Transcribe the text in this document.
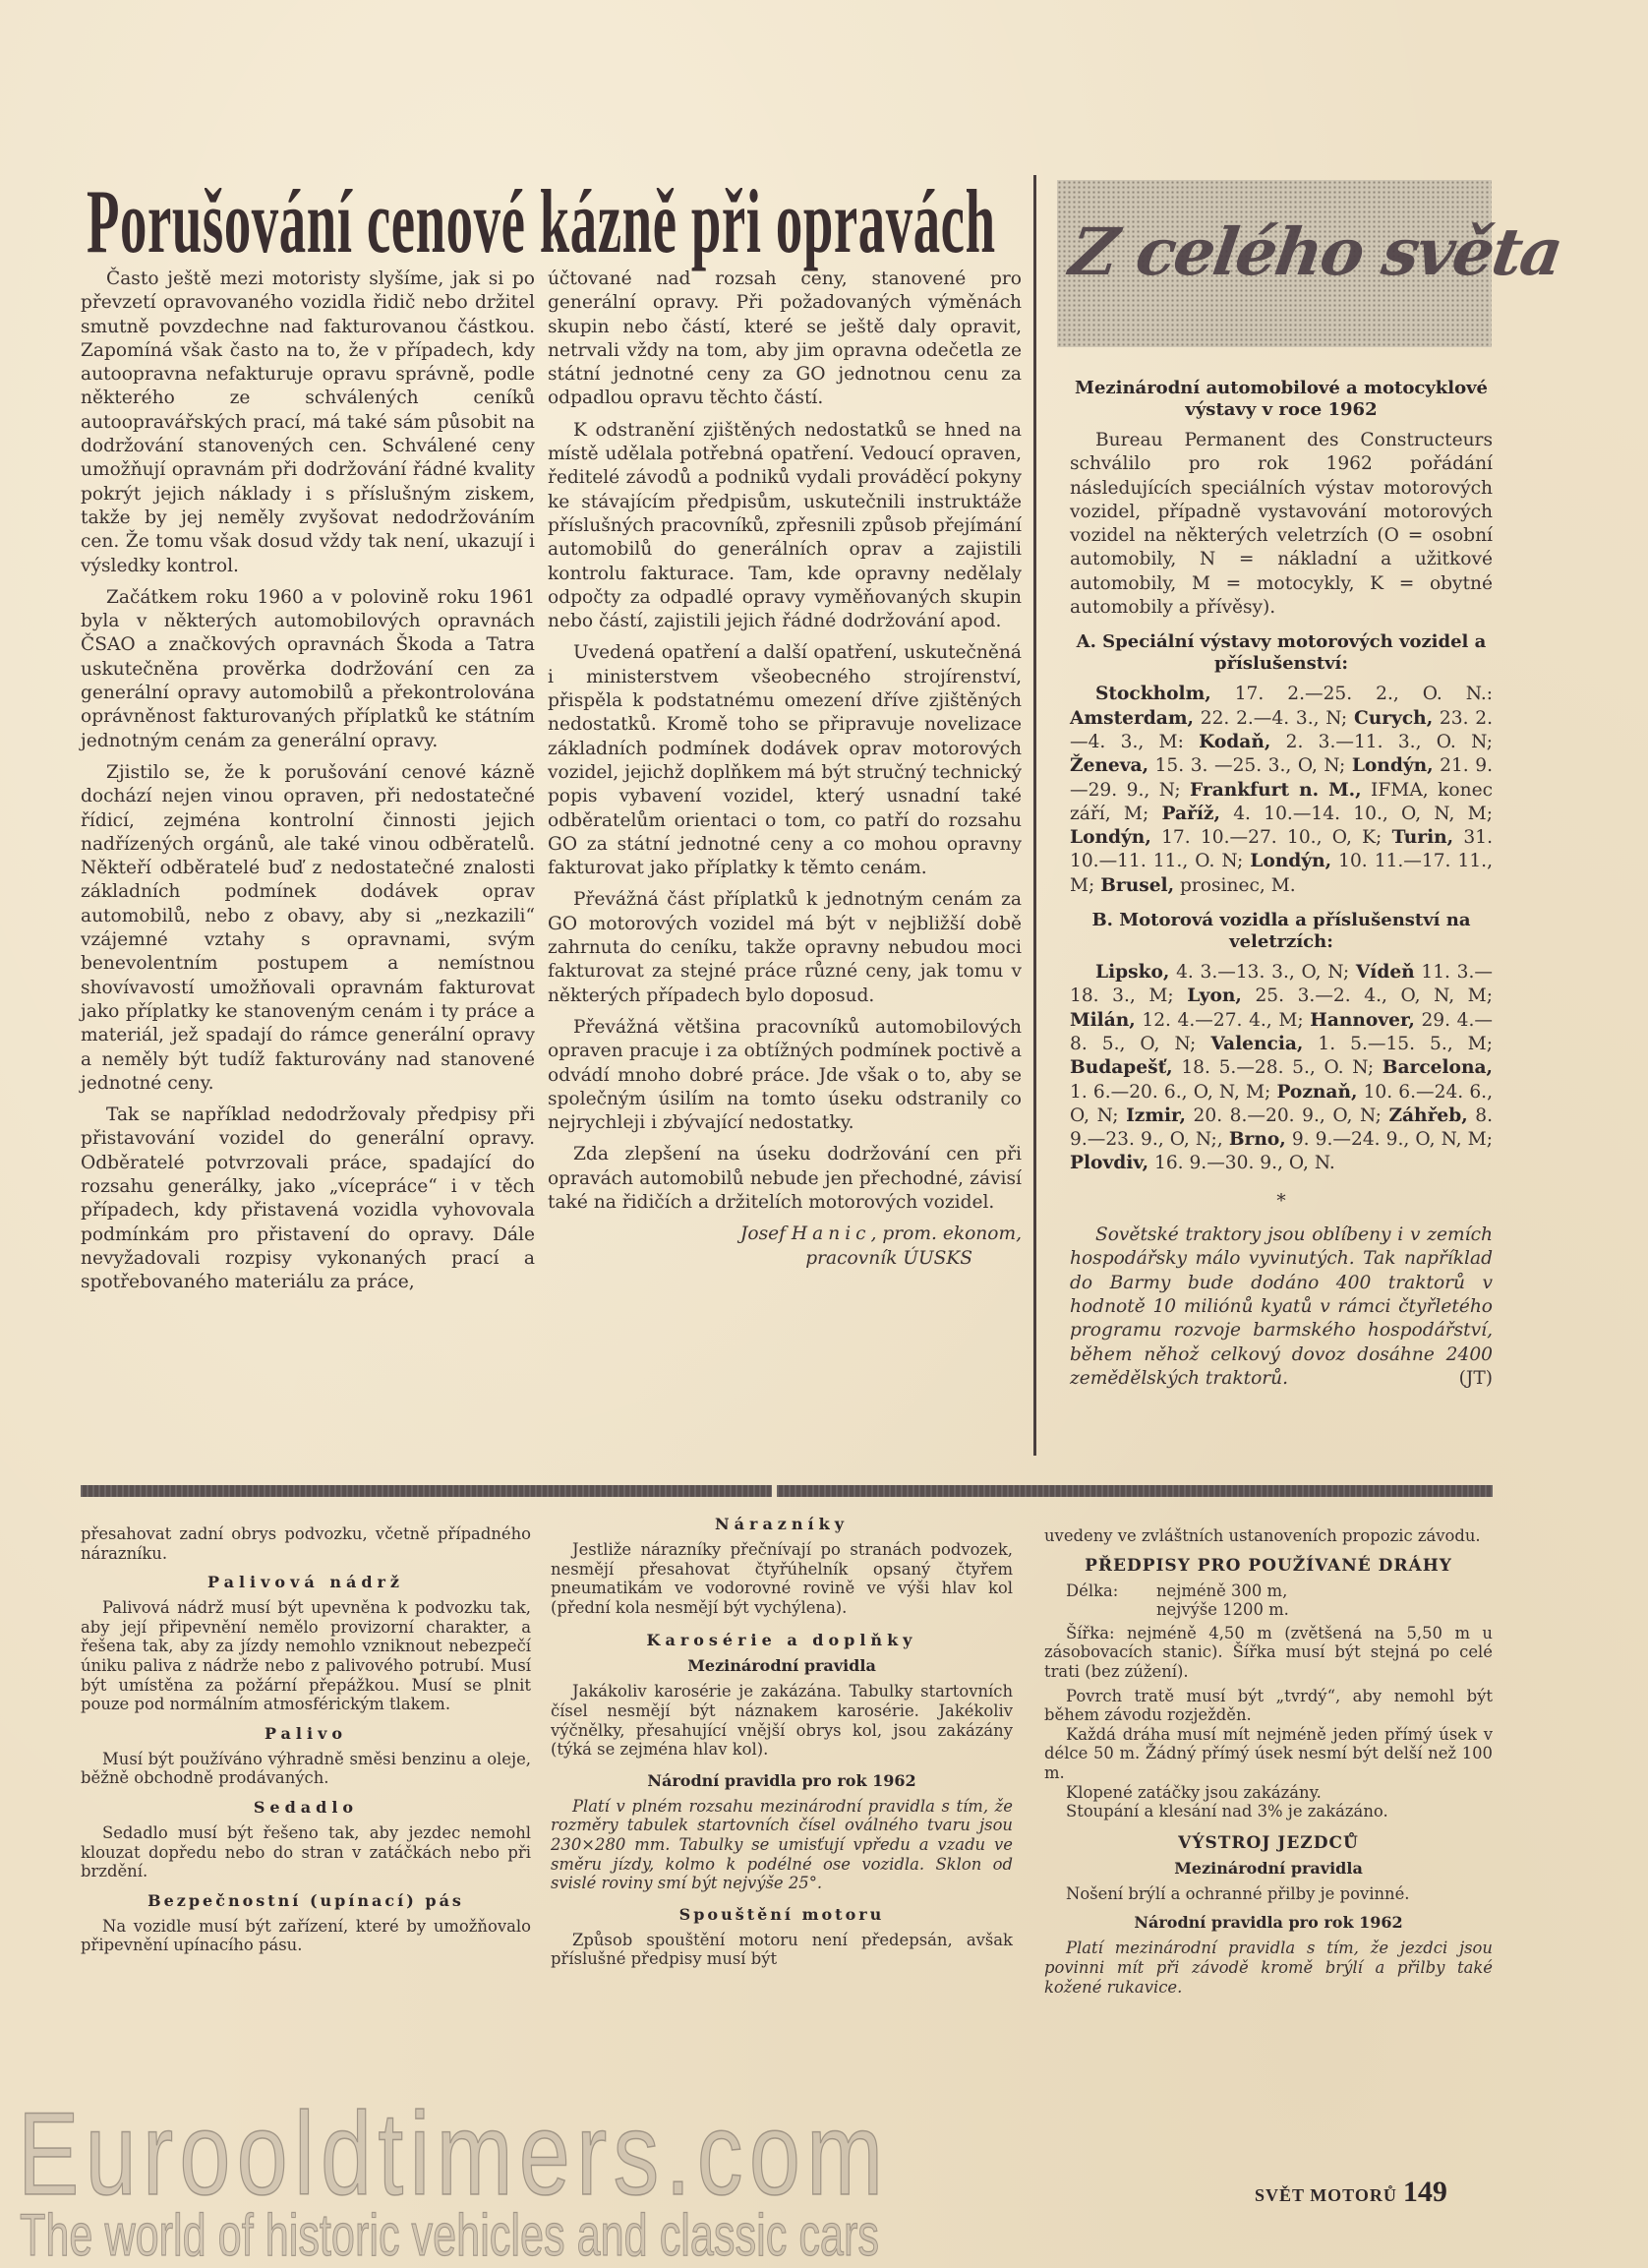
Porušování cenové kázně při opravách

Často ještě mezi motoristy slyšíme, jak si po převzetí opravovaného vozidla řidič nebo držitel smutně povzdechne nad fakturovanou částkou. Zapomíná však často na to, že v případech, kdy autoopravna nefakturuje opravu správně, podle některého ze schválených ceníků autoopravářských prací, má také sám působit na dodržování stanovených cen. Schválené ceny umožňují opravnám při dodržování řádné kvality pokrýt jejich náklady i s příslušným ziskem, takže by jej neměly zvyšovat nedodržováním cen. Že tomu však dosud vždy tak není, ukazují i výsledky kontrol.

Začátkem roku 1960 a v polovině roku 1961 byla v některých automobilových opravnách ČSAO a značkových opravnách Škoda a Tatra uskutečněna prověrka dodržování cen za generální opravy automobilů a překontrolována oprávněnost fakturovaných příplatků ke státním jednotným cenám za generální opravy.

Zjistilo se, že k porušování cenové kázně dochází nejen vinou opraven, při nedostatečné řídicí, zejména kontrolní činnosti jejich nadřízených orgánů, ale také vinou odběratelů. Někteří odběratelé buď z nedostatečné znalosti základních podmínek dodávek oprav automobilů, nebo z obavy, aby si „nezkazili“ vzájemné vztahy s opravnami, svým benevolentním postupem a nemístnou shovívavostí umožňovali opravnám fakturovat jako příplatky ke stanoveným cenám i ty práce a materiál, jež spadají do rámce generální opravy a neměly být tudíž fakturovány nad stanovené jednotné ceny.

Tak se například nedodržovaly předpisy při přistavování vozidel do generální opravy. Odběratelé potvrzovali práce, spadající do rozsahu generálky, jako „vícepráce“ i v těch případech, kdy přistavená vozidla vyhovovala podmínkám pro přistavení do opravy. Dále nevyžadovali rozpisy vykonaných prací a spotřebovaného materiálu za práce,

účtované nad rozsah ceny, stanovené pro generální opravy. Při požadovaných výměnách skupin nebo částí, které se ještě daly opravit, netrvali vždy na tom, aby jim opravna odečetla ze státní jednotné ceny za GO jednotnou cenu za odpadlou opravu těchto částí.

K odstranění zjištěných nedostatků se hned na místě udělala potřebná opatření. Vedoucí opraven, ředitelé závodů a podniků vydali prováděcí pokyny ke stávajícím předpisům, uskutečnili instruktáže příslušných pracovníků, zpřesnili způsob přejímání automobilů do generálních oprav a zajistili kontrolu fakturace. Tam, kde opravny nedělaly odpočty za odpadlé opravy vyměňovaných skupin nebo částí, zajistili jejich řádné dodržování apod.

Uvedená opatření a další opatření, uskutečněná i ministerstvem všeobecného strojírenství, přispěla k podstatnému omezení dříve zjištěných nedostatků. Kromě toho se připravuje novelizace základních podmínek dodávek oprav motorových vozidel, jejichž doplňkem má být stručný technický popis vybavení vozidel, který usnadní také odběratelům orientaci o tom, co patří do rozsahu GO za státní jednotné ceny a co mohou opravny fakturovat jako příplatky k těmto cenám.

Převážná část příplatků k jednotným cenám za GO motorových vozidel má být v nejbližší době zahrnuta do ceníku, takže opravny nebudou moci fakturovat za stejné práce různé ceny, jak tomu v některých případech bylo doposud.

Převážná většina pracovníků automobilových opraven pracuje i za obtížných podmínek poctivě a odvádí mnoho dobré práce. Jde však o to, aby se společným úsilím na tomto úseku odstranily co nejrychleji i zbývající nedostatky.

Zda zlepšení na úseku dodržování cen při opravách automobilů nebude jen přechodné, závisí také na řidičích a držitelích motorových vozidel.

Josef Hanic, prom. ekonom,
pracovník ÚUSKS
Z celého světa
Mezinárodní automobilové a motocyklové výstavy v roce 1962

Bureau Permanent des Constructeurs schválilo pro rok 1962 pořádání následujících speciálních výstav motorových vozidel, případně vystavování motorových vozidel na některých veletrzích (O = osobní automobily, N = nákladní a užitkové automobily, M = motocykly, K = obytné automobily a přívěsy).

A. Speciální výstavy motorových vozidel a příslušenství:

Stockholm, 17. 2.—25. 2., O. N.: Amsterdam, 22. 2.—4. 3., N; Curych, 23. 2.—4. 3., M: Kodaň, 2. 3.—11. 3., O. N; Ženeva, 15. 3. —25. 3., O, N; Londýn, 21. 9.—29. 9., N; Frankfurt n. M., IFMA, konec září, M; Paříž, 4. 10.—14. 10., O, N, M; Londýn, 17. 10.—27. 10., O, K; Turin, 31. 10.—11. 11., O. N; Londýn, 10. 11.—17. 11., M; Brusel, prosinec, M.

B. Motorová vozidla a příslušenství na veletrzích:

Lipsko, 4. 3.—13. 3., O, N; Vídeň 11. 3.—18. 3., M; Lyon, 25. 3.—2. 4., O, N, M; Milán, 12. 4.—27. 4., M; Hannover, 29. 4.—8. 5., O, N; Valencia, 1. 5.—15. 5., M; Budapešť, 18. 5.—28. 5., O. N; Barcelona, 1. 6.—20. 6., O, N, M; Poznaň, 10. 6.—24. 6., O, N; Izmir, 20. 8.—20. 9., O, N; Záhřeb, 8. 9.—23. 9., O, N;, Brno, 9. 9.—24. 9., O, N, M; Plovdiv, 16. 9.—30. 9., O, N.

*

Sovětské traktory jsou oblíbeny i v zemích hospodářsky málo vyvinutých. Tak například do Barmy bude dodáno 400 traktorů v hodnotě 10 miliónů kyatů v rámci čtyřletého programu rozvoje barmského hospodářství, během něhož celkový dovoz dosáhne 2400 zemědělských traktorů.	(JT)

přesahovat zadní obrys podvozku, včetně případného nárazníku.

Palivová nádrž

Palivová nádrž musí být upevněna k podvozku tak, aby její připevnění nemělo provizorní charakter, a řešena tak, aby za jízdy nemohlo vzniknout nebezpečí úniku paliva z nádrže nebo z palivového potrubí. Musí být umístěna za požární přepážkou. Musí se plnit pouze pod normálním atmosférickým tlakem.

Palivo

Musí být používáno výhradně směsi benzinu a oleje, běžně obchodně prodávaných.

Sedadlo

Sedadlo musí být řešeno tak, aby jezdec nemohl klouzat dopředu nebo do stran v zatáčkách nebo při brzdění.

Bezpečnostní (upínací) pás

Na vozidle musí být zařízení, které by umožňovalo připevnění upínacího pásu.

Nárazníky

Jestliže nárazníky přečnívají po stranách podvozek, nesmějí přesahovat čtyřúhelník opsaný čtyřem pneumatikám ve vodorovné rovině ve výši hlav kol (přední kola nesmějí být vychýlena).

Karosérie a doplňky
Mezinárodní pravidla

Jakákoliv karosérie je zakázána. Tabulky startovních čísel nesmějí být náznakem karosérie. Jakékoliv výčnělky, přesahující vnější obrys kol, jsou zakázány (týká se zejména hlav kol).

Národní pravidla pro rok 1962

Platí v plném rozsahu mezinárodní pravidla s tím, že rozměry tabulek startovních čísel oválného tvaru jsou 230×280 mm. Tabulky se umisťují vpředu a vzadu ve směru jízdy, kolmo k podélné ose vozidla. Sklon od svislé roviny smí být nejvýše 25°.

Spouštění motoru

Způsob spouštění motoru není předepsán, avšak příslušné předpisy musí být

uvedeny ve zvláštních ustanoveních propozic závodu.

PŘEDPISY PRO POUŽÍVANÉ DRÁHY
Délka:	nejméně 300 m,
nejvýše 1200 m.

Šířka: nejméně 4,50 m (zvětšená na 5,50 m u zásobovacích stanic). Šířka musí být stejná po celé trati (bez zúžení).

Povrch tratě musí být „tvrdý“, aby nemohl být během závodu rozježděn.

Každá dráha musí mít nejméně jeden přímý úsek v délce 50 m. Žádný přímý úsek nesmí být delší než 100 m.

Klopené zatáčky jsou zakázány.

Stoupání a klesání nad 3% je zakázáno.

VÝSTROJ JEZDCŮ
Mezinárodní pravidla

Nošení brýlí a ochranné přilby je povinné.

Národní pravidla pro rok 1962

Platí mezinárodní pravidla s tím, že jezdci jsou povinni mít při závodě kromě brýlí a přilby také kožené rukavice.

Eurooldtimers.com
The world of historic vehicles and classic cars
SVĚT MOTORŮ 149
